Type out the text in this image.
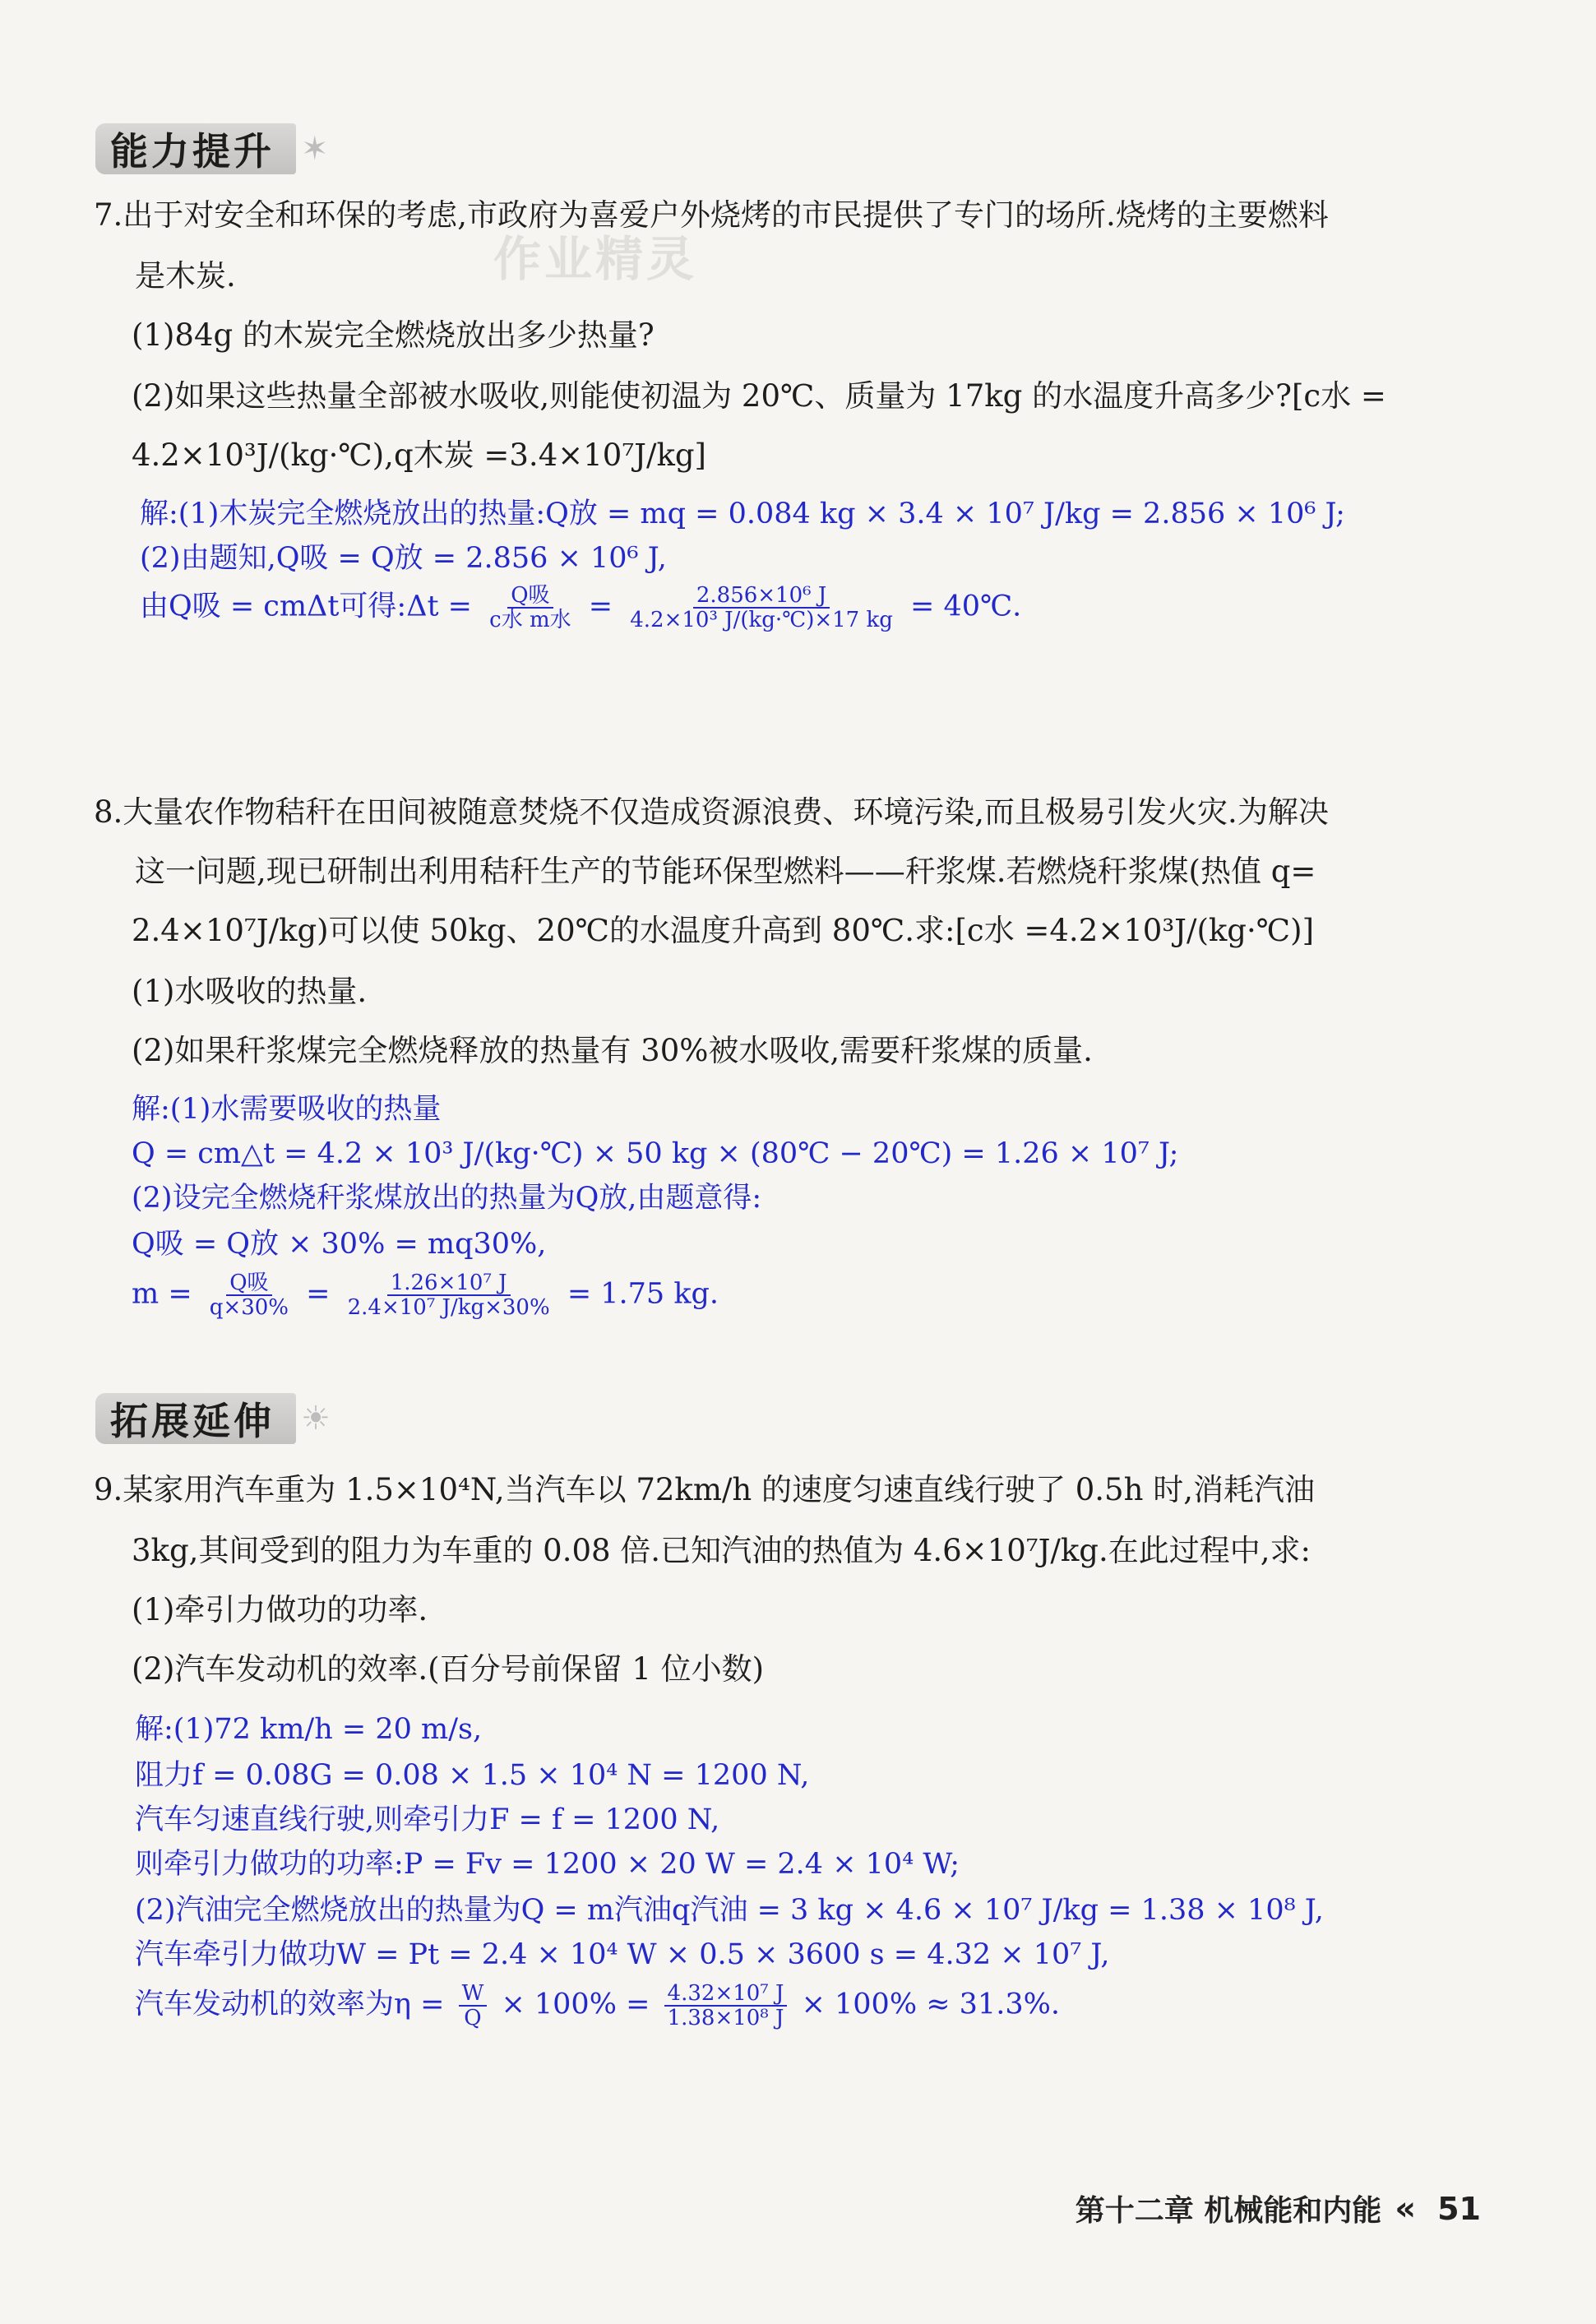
能力提升 ✶
作业精灵
7.出于对安全和环保的考虑,市政府为喜爱户外烧烤的市民提供了专门的场所.烧烤的主要燃料
是木炭.
(1)84g 的木炭完全燃烧放出多少热量?
(2)如果这些热量全部被水吸收,则能使初温为 20℃、质量为 17kg 的水温度升高多少?[c水 =
4.2×10³J/(kg·℃),q木炭 =3.4×10⁷J/kg]
解:(1)木炭完全燃烧放出的热量:Q放 = mq = 0.084 kg × 3.4 × 10⁷ J/kg = 2.856 × 10⁶ J;
(2)由题知,Q吸 = Q放 = 2.856 × 10⁶ J,
由Q吸 = cmΔt可得:Δt = $\frac{\text{Q吸}}{\text{c水 m水}} = \frac{\text{2.856×10⁶ J}}{\text{4.2×10³ J/(kg·℃)×17 kg}}$ = 40℃.
8.大量农作物秸秆在田间被随意焚烧不仅造成资源浪费、环境污染,而且极易引发火灾.为解决
这一问题,现已研制出利用秸秆生产的节能环保型燃料——秆浆煤.若燃烧秆浆煤(热值 q=
2.4×10⁷J/kg)可以使 50kg、20℃的水温度升高到 80℃.求:[c水 =4.2×10³J/(kg·℃)]
(1)水吸收的热量.
(2)如果秆浆煤完全燃烧释放的热量有 30%被水吸收,需要秆浆煤的质量.
解:(1)水需要吸收的热量
Q = cm△t = 4.2 × 10³ J/(kg·℃) × 50 kg × (80℃ − 20℃) = 1.26 × 10⁷ J;
(2)设完全燃烧秆浆煤放出的热量为Q放,由题意得:
Q吸 = Q放 × 30% = mq30%,
$m = \frac{\text{Q吸}}{q\times 30\%} = \frac{\text{1.26×10⁷ J}}{\text{2.4×10⁷ J/kg×30\%}} = 1.75$ kg.
拓展延伸 ☀
9.某家用汽车重为 1.5×10⁴N,当汽车以 72km/h 的速度匀速直线行驶了 0.5h 时,消耗汽油
3kg,其间受到的阻力为车重的 0.08 倍.已知汽油的热值为 4.6×10⁷J/kg.在此过程中,求:
(1)牵引力做功的功率.
(2)汽车发动机的效率.(百分号前保留 1 位小数)
解:(1)72 km/h = 20 m/s,
阻力f = 0.08G = 0.08 × 1.5 × 10⁴ N = 1200 N,
汽车匀速直线行驶,则牵引力F = f = 1200 N,
则牵引力做功的功率:P = Fv = 1200 × 20 W = 2.4 × 10⁴ W;
(2)汽油完全燃烧放出的热量为Q = m汽油q汽油 = 3 kg × 4.6 × 10⁷ J/kg = 1.38 × 10⁸ J,
汽车牵引力做功W = Pt = 2.4 × 10⁴ W × 0.5 × 3600 s = 4.32 × 10⁷ J,
汽车发动机的效率为$\eta = \frac{W}{Q} \times 100\% = \frac{\text{4.32×10⁷ J}}{\text{1.38×10⁸ J}} \times 100\% \approx 31.3\%$.
第十二章 机械能和内能 « 51
